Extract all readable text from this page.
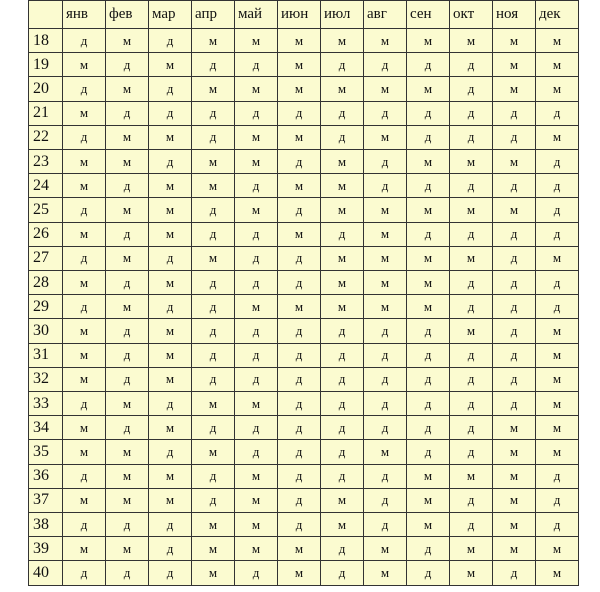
	янв	фев	мар	апр	май	июн	июл	авг	сен	окт	ноя	дек
18	д	м	д	м	м	м	м	м	м	м	м	м
19	м	д	м	д	д	м	д	д	д	д	м	м
20	д	м	д	м	м	м	м	м	м	д	м	м
21	м	д	д	д	д	д	д	д	д	д	д	д
22	д	м	м	д	м	м	д	м	д	д	д	м
23	м	м	д	м	м	д	м	д	м	м	м	д
24	м	д	м	м	д	м	м	д	д	д	д	д
25	д	м	м	д	м	д	м	м	м	м	м	д
26	м	д	м	д	д	м	д	м	д	д	д	д
27	д	м	д	м	д	д	м	м	м	м	д	м
28	м	д	м	д	д	д	м	м	м	д	д	д
29	д	м	д	д	м	м	м	м	м	д	д	д
30	м	д	м	д	д	д	д	д	д	м	д	м
31	м	д	м	д	д	д	д	д	д	д	д	м
32	м	д	м	д	д	д	д	д	д	д	д	м
33	д	м	д	м	м	д	д	д	д	д	д	м
34	м	д	м	д	д	д	д	д	д	д	м	м
35	м	м	д	м	д	д	д	м	д	д	м	м
36	д	м	м	д	м	д	д	д	м	м	м	д
37	м	м	м	д	м	д	м	д	м	д	м	д
38	д	д	д	м	м	д	м	д	м	д	м	д
39	м	м	д	м	м	м	д	м	д	м	м	м
40	д	д	д	м	д	м	д	м	д	м	д	м
